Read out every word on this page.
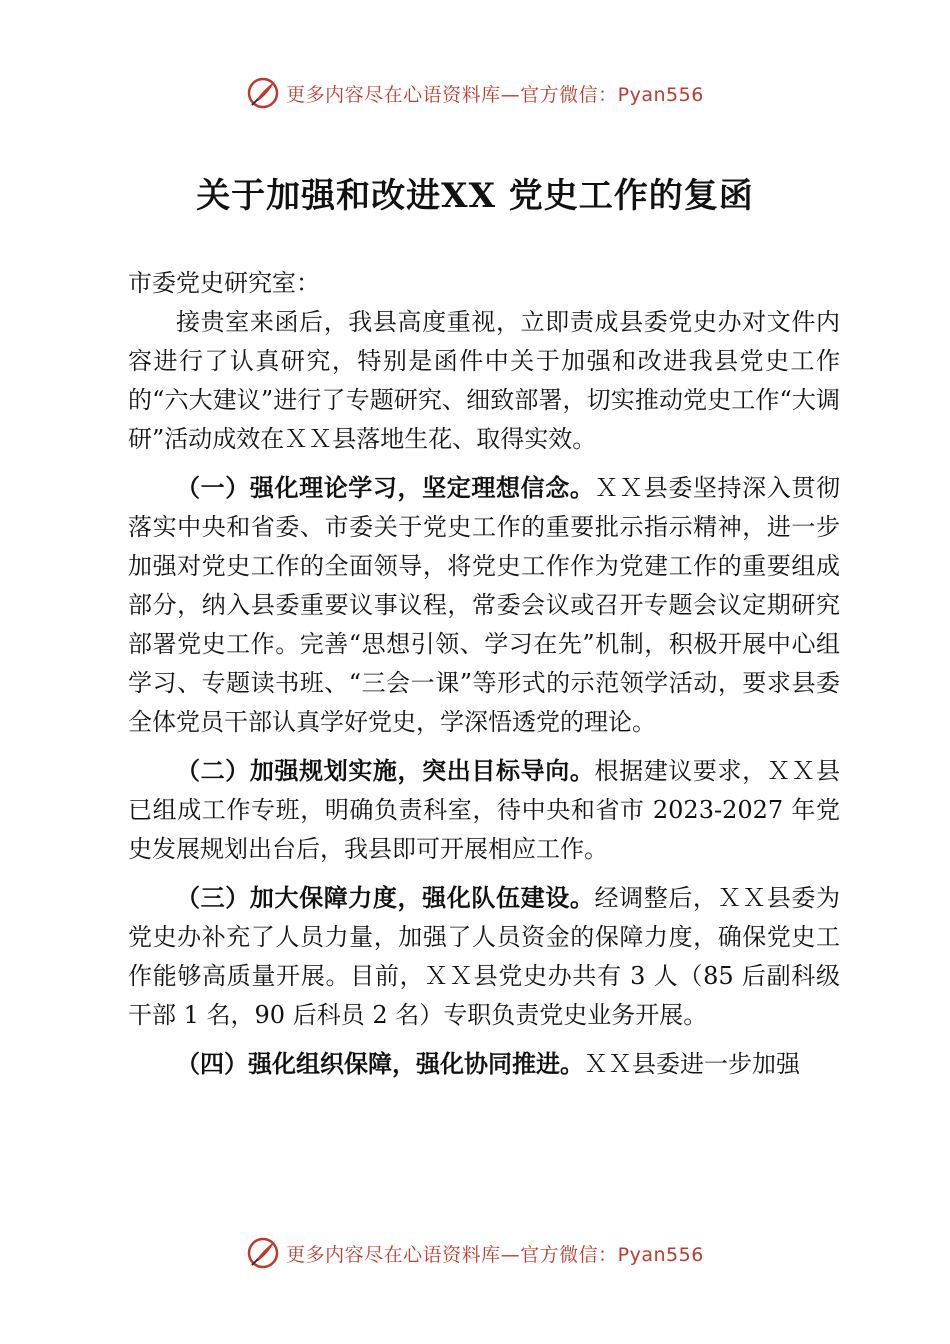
更多内容尽在心语资料库—官方微信：Pyan556
关于加强和改进XX 党史工作的复函

市委党史研究室：

接贵室来函后，我县高度重视，立即责成县委党史办对文件内容进行了认真研究，特别是函件中关于加强和改进我县党史工作的“六大建议”进行了专题研究、细致部署，切实推动党史工作“大调研”活动成效在ＸＸ县落地生花、取得实效。

（一）强化理论学习，坚定理想信念。ＸＸ县委坚持深入贯彻落实中央和省委、市委关于党史工作的重要批示指示精神，进一步加强对党史工作的全面领导，将党史工作作为党建工作的重要组成部分，纳入县委重要议事议程，常委会议或召开专题会议定期研究部署党史工作。完善“思想引领、学习在先”机制，积极开展中心组学习、专题读书班、“三会一课”等形式的示范领学活动，要求县委全体党员干部认真学好党史，学深悟透党的理论。

（二）加强规划实施，突出目标导向。根据建议要求，ＸＸ县已组成工作专班，明确负责科室，待中央和省市 2023-2027 年党史发展规划出台后，我县即可开展相应工作。

（三）加大保障力度，强化队伍建设。经调整后，ＸＸ县委为党史办补充了人员力量，加强了人员资金的保障力度，确保党史工作能够高质量开展。目前，ＸＸ县党史办共有 3 人（85 后副科级干部 1 名，90 后科员 2 名）专职负责党史业务开展。

（四）强化组织保障，强化协同推进。ＸＸ县委进一步加强

更多内容尽在心语资料库—官方微信：Pyan556
